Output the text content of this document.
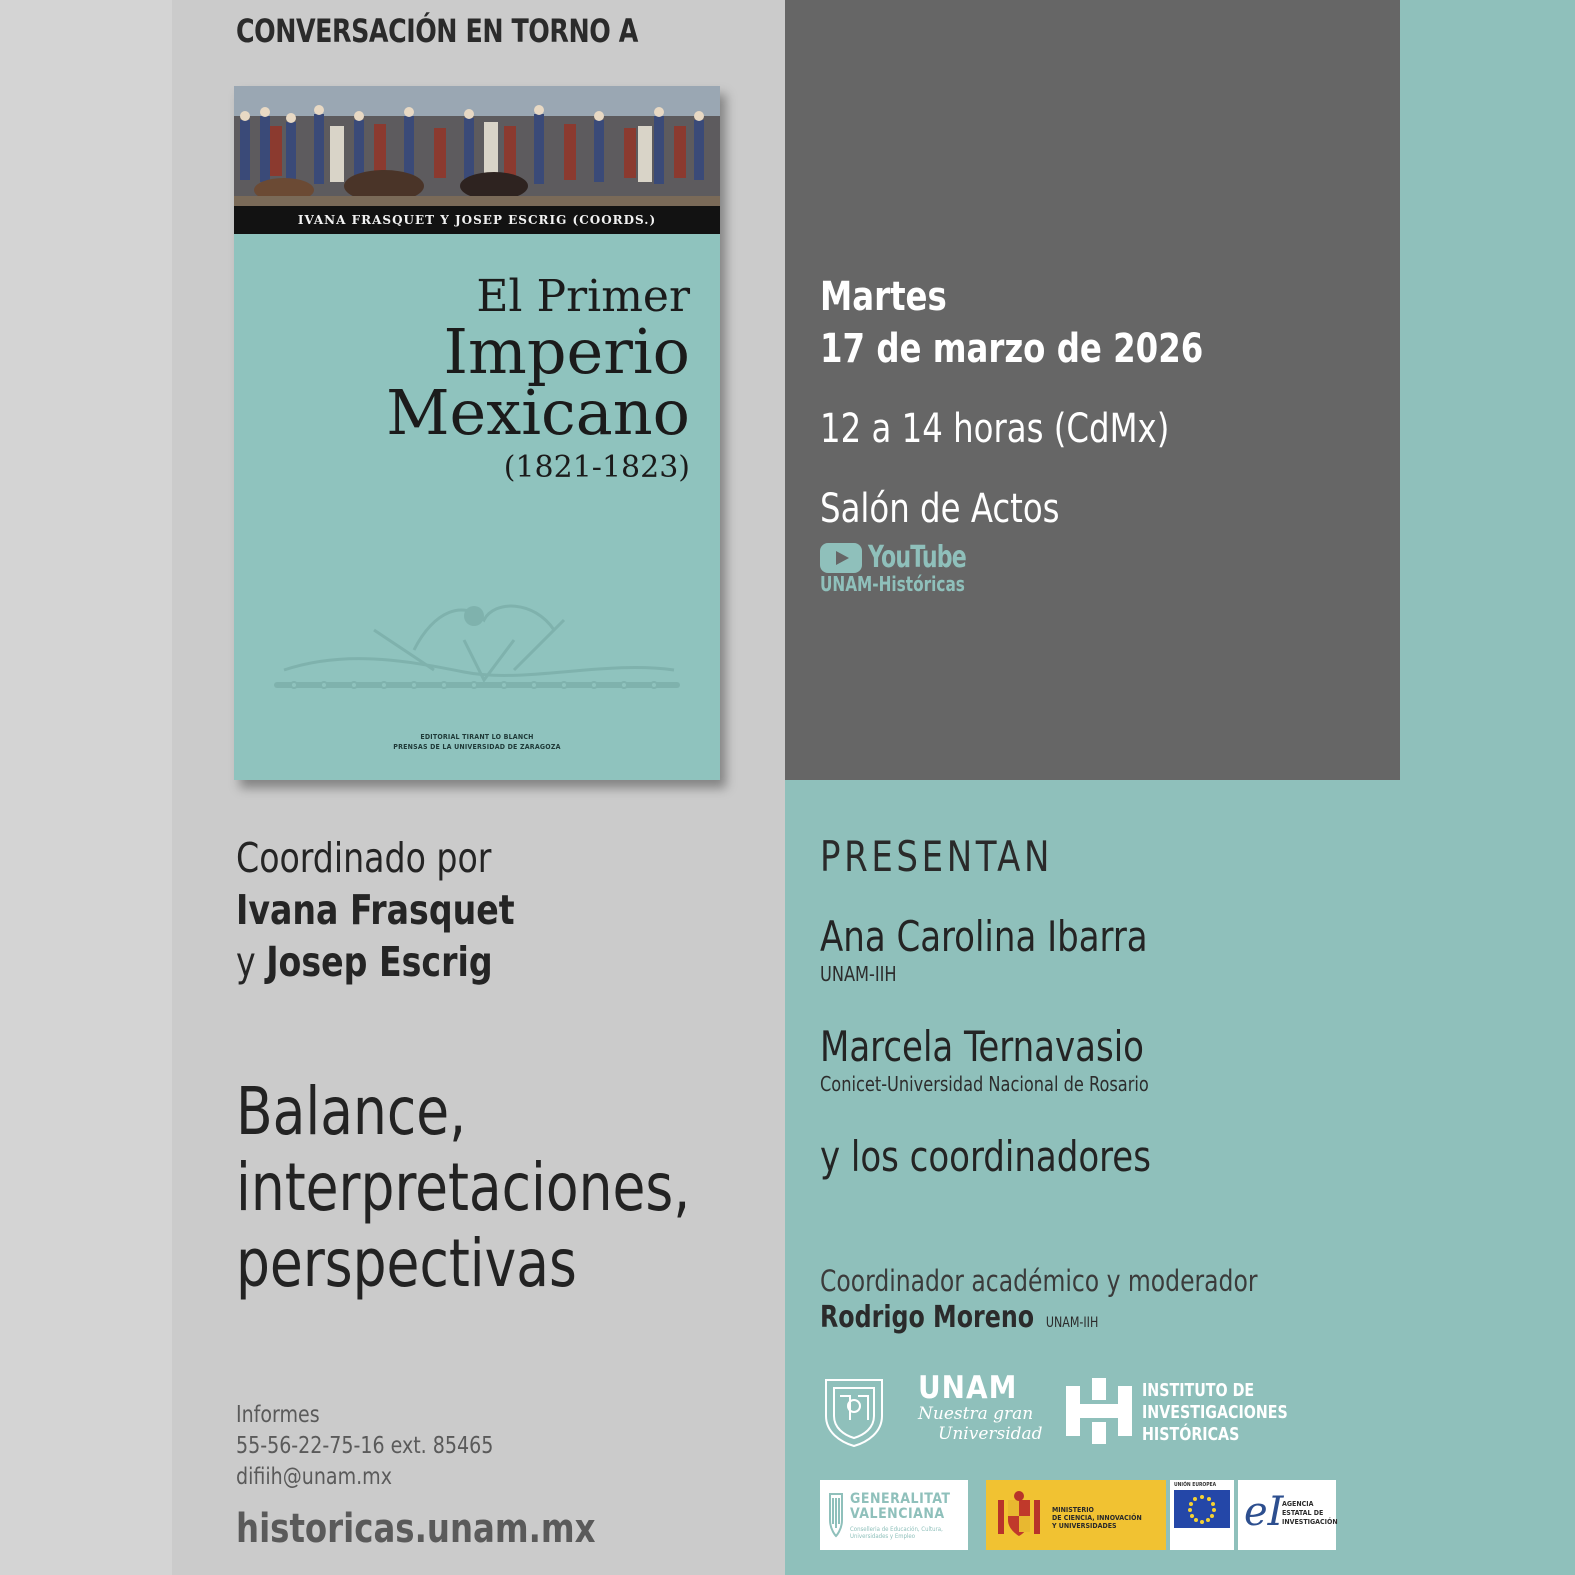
CONVERSACIÓN EN TORNO A
IVANA FRASQUET Y JOSEP ESCRIG (COORDS.)
El Primer
Imperio
Mexicano
(1821-1823)
EDITORIAL TIRANT LO BLANCH
PRENSAS DE LA UNIVERSIDAD DE ZARAGOZA
Coordinado por
Ivana Frasquet
y Josep Escrig
Balance,
interpretaciones,
perspectivas
Informes
55-56-22-75-16 ext. 85465
difiih@unam.mx
historicas.unam.mx
Martes
17 de marzo de 2026
12 a 14 horas (CdMx)
Salón de Actos
YouTube
UNAM-Históricas
PRESENTAN
Ana Carolina Ibarra
UNAM-IIH
Marcela Ternavasio
Conicet-Universidad Nacional de Rosario
y los coordinadores
Coordinador académico y moderador
Rodrigo Moreno UNAM-IIH
UNAM
Nuestra gran
Universidad
INSTITUTO DE
INVESTIGACIONES
HISTÓRICAS
GENERALITAT
VALENCIANA
Conselleria de Educación, Cultura, Universidades y Empleo
MINISTERIO
DE CIENCIA, INNOVACIÓN
Y UNIVERSIDADES
UNIÓN EUROPEA
eI
AGENCIA
ESTATAL DE
INVESTIGACIÓN
